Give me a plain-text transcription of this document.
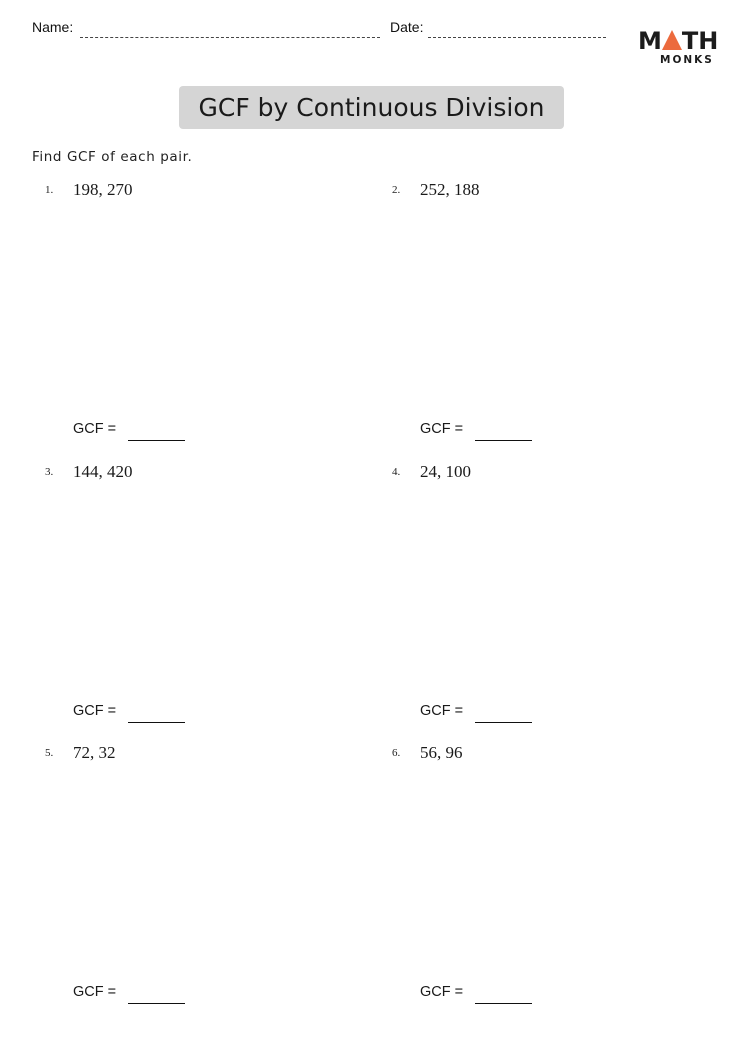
Name:	Date:	M TH
MONKS
GCF by Continuous Division
Find GCF of each pair.
1. 198, 270
GCF =
2. 252, 188
GCF =
3. 144, 420
GCF =
4. 24, 100
GCF =
5. 72, 32
GCF =
6. 56, 96
GCF =
